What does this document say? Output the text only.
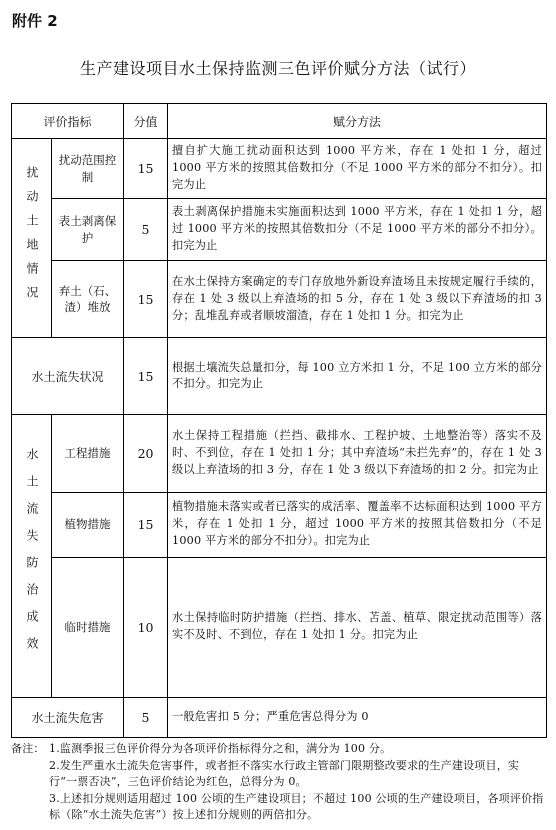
附件 2
生产建设项目水土保持监测三色评价赋分方法（试行）
评价指标		分值	赋分方法

扰动土地情况	扰动范围控制	15	擅自扩大施工扰动面积达到 1000 平方米，存在 1 处扣 1 分，超过 1000 平方米的按照其倍数扣分（不足 1000 平方米的部分不扣分）。扣完为止
	表土剥离保护	5	表土剥离保护措施未实施面积达到 1000 平方米，存在 1 处扣 1 分，超过 1000 平方米的按照其倍数扣分（不足 1000 平方米的部分不扣分）。扣完为止
	弃土（石、渣）堆放	15	在水土保持方案确定的专门存放地外新设弃渣场且未按规定履行手续的，存在 1 处 3 级以上弃渣场的扣 5 分，存在 1 处 3 级以下弃渣场的扣 3 分；乱堆乱弃或者顺坡溜渣，存在 1 处扣 1 分。扣完为止
水土流失状况		15	根据土壤流失总量扣分，每 100 立方米扣 1 分，不足 100 立方米的部分不扣分。扣完为止

水土流失防治成效	工程措施	20	水土保持工程措施（拦挡、截排水、工程护坡、土地整治等）落实不及时、不到位，存在 1 处扣 1 分；其中弃渣场“未拦先弃”的，存在 1 处 3 级以上弃渣场的扣 3 分，存在 1 处 3 级以下弃渣场的扣 2 分。扣完为止
	植物措施	15	植物措施未落实或者已落实的成活率、覆盖率不达标面积达到 1000 平方米，存在 1 处扣 1 分，超过 1000 平方米的按照其倍数扣分（不足 1000 平方米的部分不扣分）。扣完为止
	临时措施	10	水土保持临时防护措施（拦挡、排水、苫盖、植草、限定扰动范围等）落实不及时、不到位，存在 1 处扣 1 分。扣完为止
水土流失危害		5	一般危害扣 5 分；严重危害总得分为 0
备注： 1.监测季报三色评价得分为各项评价指标得分之和，满分为 100 分。
2.发生严重水土流失危害事件，或者拒不落实水行政主管部门限期整改要求的生产建设项目，实行“一票否决”，三色评价结论为红色，总得分为 0。
3.上述扣分规则适用超过 100 公顷的生产建设项目；不超过 100 公顷的生产建设项目，各项评价指标（除“水土流失危害”）按上述扣分规则的两倍扣分。
